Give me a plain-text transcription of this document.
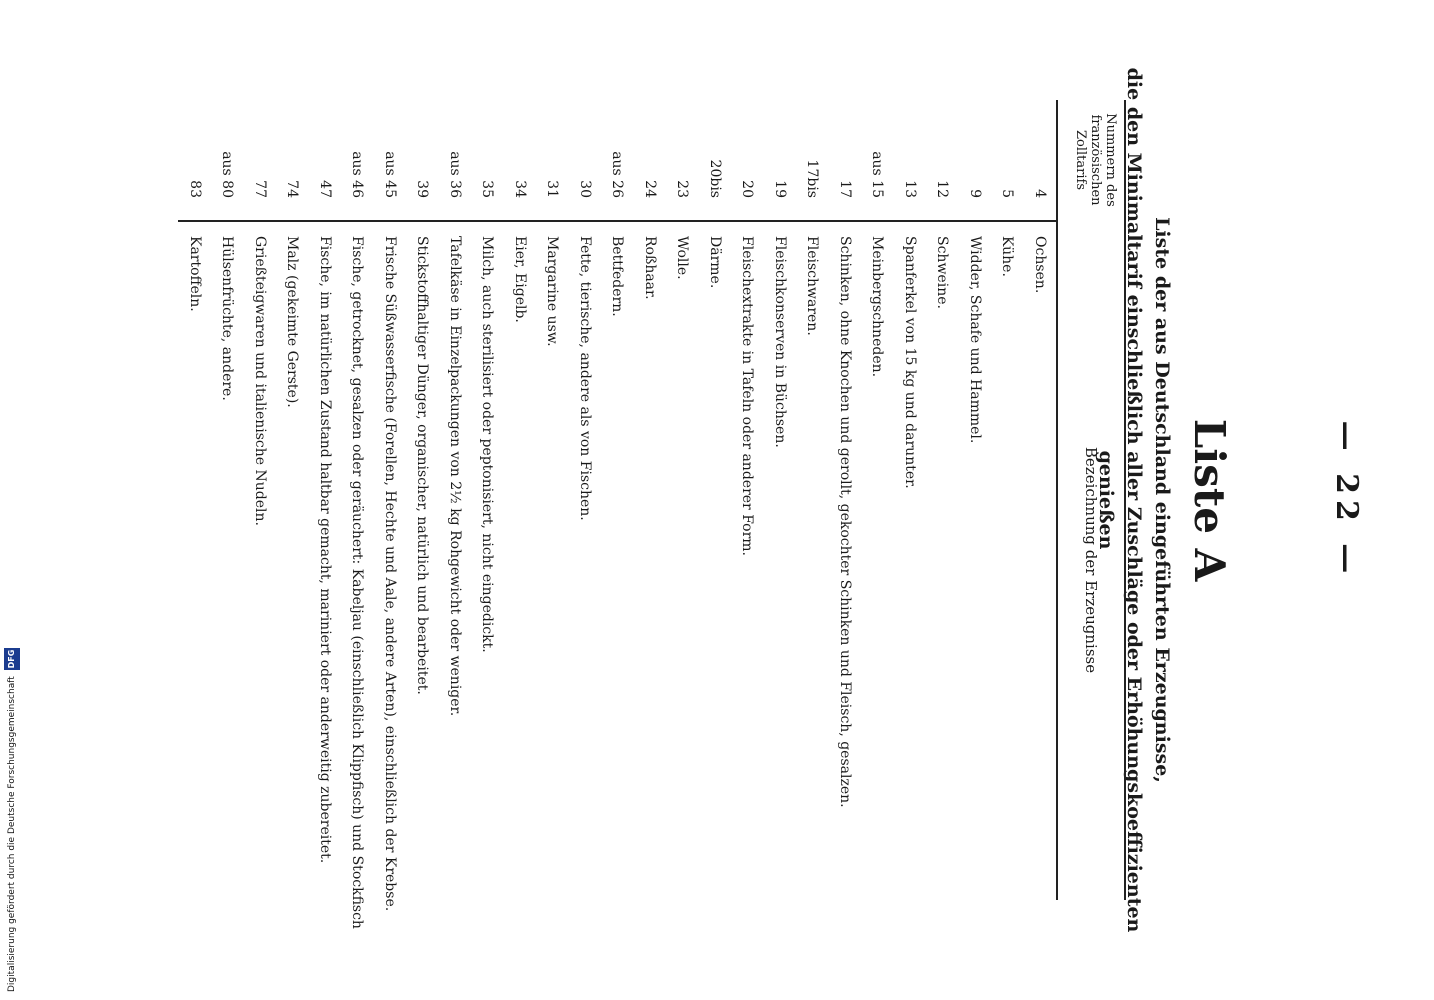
— 22 —
Liste A
Liste der aus Deutschland eingeführten Erzeugnisse,
die den Minimaltarif einschließlich aller Zuschläge oder Erhöhungskoeffizienten genießen
Nummern des französischen Zolltarifs
Bezeichnung der Erzeugnisse
4
5
9
12
13
aus 15
17
17bis
19
20
20bis
23
24
aus 26
30
31
34
35
aus 36
39
aus 45
aus 46
47
74
77
aus 80
83
Ochsen.
Kühe.
Widder, Schafe und Hammel.
Schweine.
Spanferkel von 15 kg und darunter.
Meinbergschneden.
Schinken, ohne Knochen und gerollt, gekochter Schinken und Fleisch, gesalzen.
Fleischwaren.
Fleischkonserven in Büchsen.
Fleischextrakte in Tafeln oder anderer Form.
Därme.
Wolle.
Roßhaar.
Bettfedern.
Fette, tierische, andere als von Fischen.
Margarine usw.
Eier, Eigelb.
Milch, auch sterilisiert oder peptonisiert, nicht eingedickt.
Tafelkäse in Einzelpackungen von 2½ kg Rohgewicht oder weniger.
Stickstoffhaltiger Dünger, organischer, natürlich und bearbeitet.
Frische Süßwasserfische (Forellen, Hechte und Aale, andere Arten), einschließlich der Krebse.
Fische, getrocknet, gesalzen oder geräuchert: Kabeljau (einschließlich Klippfisch) und Stockfisch
Fische, im natürlichen Zustand haltbar gemacht, mariniert oder anderweitig zubereitet.
Malz (gekeimte Gerste).
Grießteigwaren und italienische Nudeln.
Hülsenfrüchte, andere.
Kartoffeln.
Digitalisierung gefördert durch die Deutsche Forschungsgemeinschaft DFG
